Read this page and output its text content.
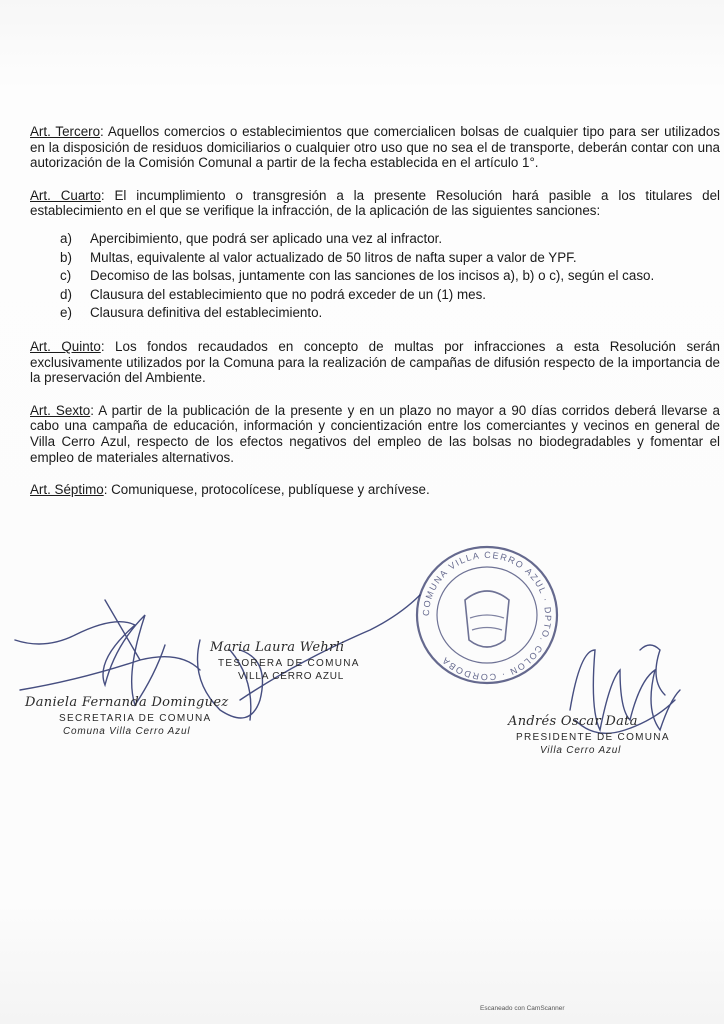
Art. Tercero: Aquellos comercios o establecimientos que comercialicen bolsas de cualquier tipo para ser utilizados en la disposición de residuos domiciliarios o cualquier otro uso que no sea el de transporte, deberán contar con una autorización de la Comisión Comunal a partir de la fecha establecida en el artículo 1°.

Art. Cuarto: El incumplimiento o transgresión a la presente Resolución hará pasible a los titulares del establecimiento en el que se verifique la infracción, de la aplicación de las siguientes sanciones:

a) Apercibimiento, que podrá ser aplicado una vez al infractor.
b) Multas, equivalente al valor actualizado de 50 litros de nafta super a valor de YPF.
c) Decomiso de las bolsas, juntamente con las sanciones de los incisos a), b) o c), según el caso.
d) Clausura del establecimiento que no podrá exceder de un (1) mes.
e) Clausura definitiva del establecimiento.

Art. Quinto: Los fondos recaudados en concepto de multas por infracciones a esta Resolución serán exclusivamente utilizados por la Comuna para la realización de campañas de difusión respecto de la importancia de la preservación del Ambiente.

Art. Sexto: A partir de la publicación de la presente y en un plazo no mayor a 90 días corridos deberá llevarse a cabo una campaña de educación, información y concientización entre los comerciantes y vecinos en general de Villa Cerro Azul, respecto de los efectos negativos del empleo de las bolsas no biodegradables y fomentar el empleo de materiales alternativos.

Art. Séptimo: Comuniquese, protocolícese, publíquese y archívese.

COMUNA VILLA CERRO AZUL · DPTO. COLON · CORDOBA
Daniela Fernanda Dominguez
SECRETARIA DE COMUNA
Comuna Villa Cerro Azul
Maria Laura Wehrli
TESORERA DE COMUNA
VILLA CERRO AZUL
Andrés Oscar Data
PRESIDENTE DE COMUNA
Villa Cerro Azul
Escaneado con CamScanner
